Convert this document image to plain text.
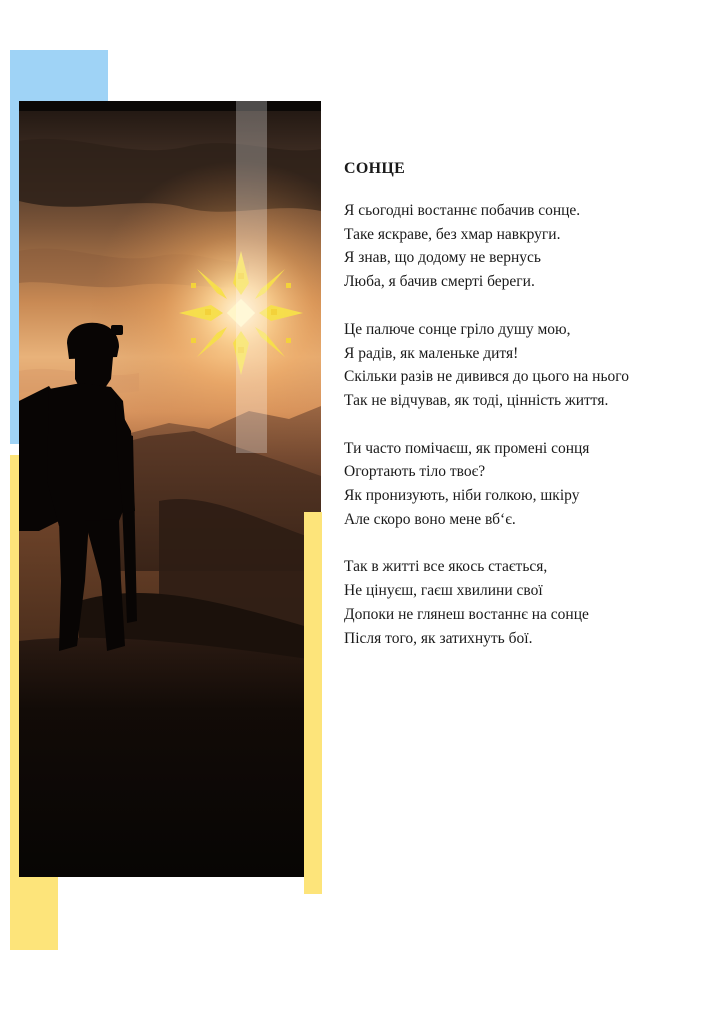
СОНЦЕ
Я сьогодні востаннє побачив сонце.
Таке яскраве, без хмар навкруги.
Я знав, що додому не вернусь
Люба, я бачив смерті береги.
Це палюче сонце гріло душу мою,
Я радів, як маленьке дитя!
Скільки разів не дивився до цього на нього
Так не відчував, як тоді, цінність життя.
Ти часто помічаєш, як промені сонця
Огортають тіло твоє?
Як пронизують, ніби голкою, шкіру
Але скоро воно мене вб‘є.
Так в житті все якось стається,
Не цінуєш, гаєш хвилини свої
Допоки не глянеш востаннє на сонце
Після того, як затихнуть бої.
